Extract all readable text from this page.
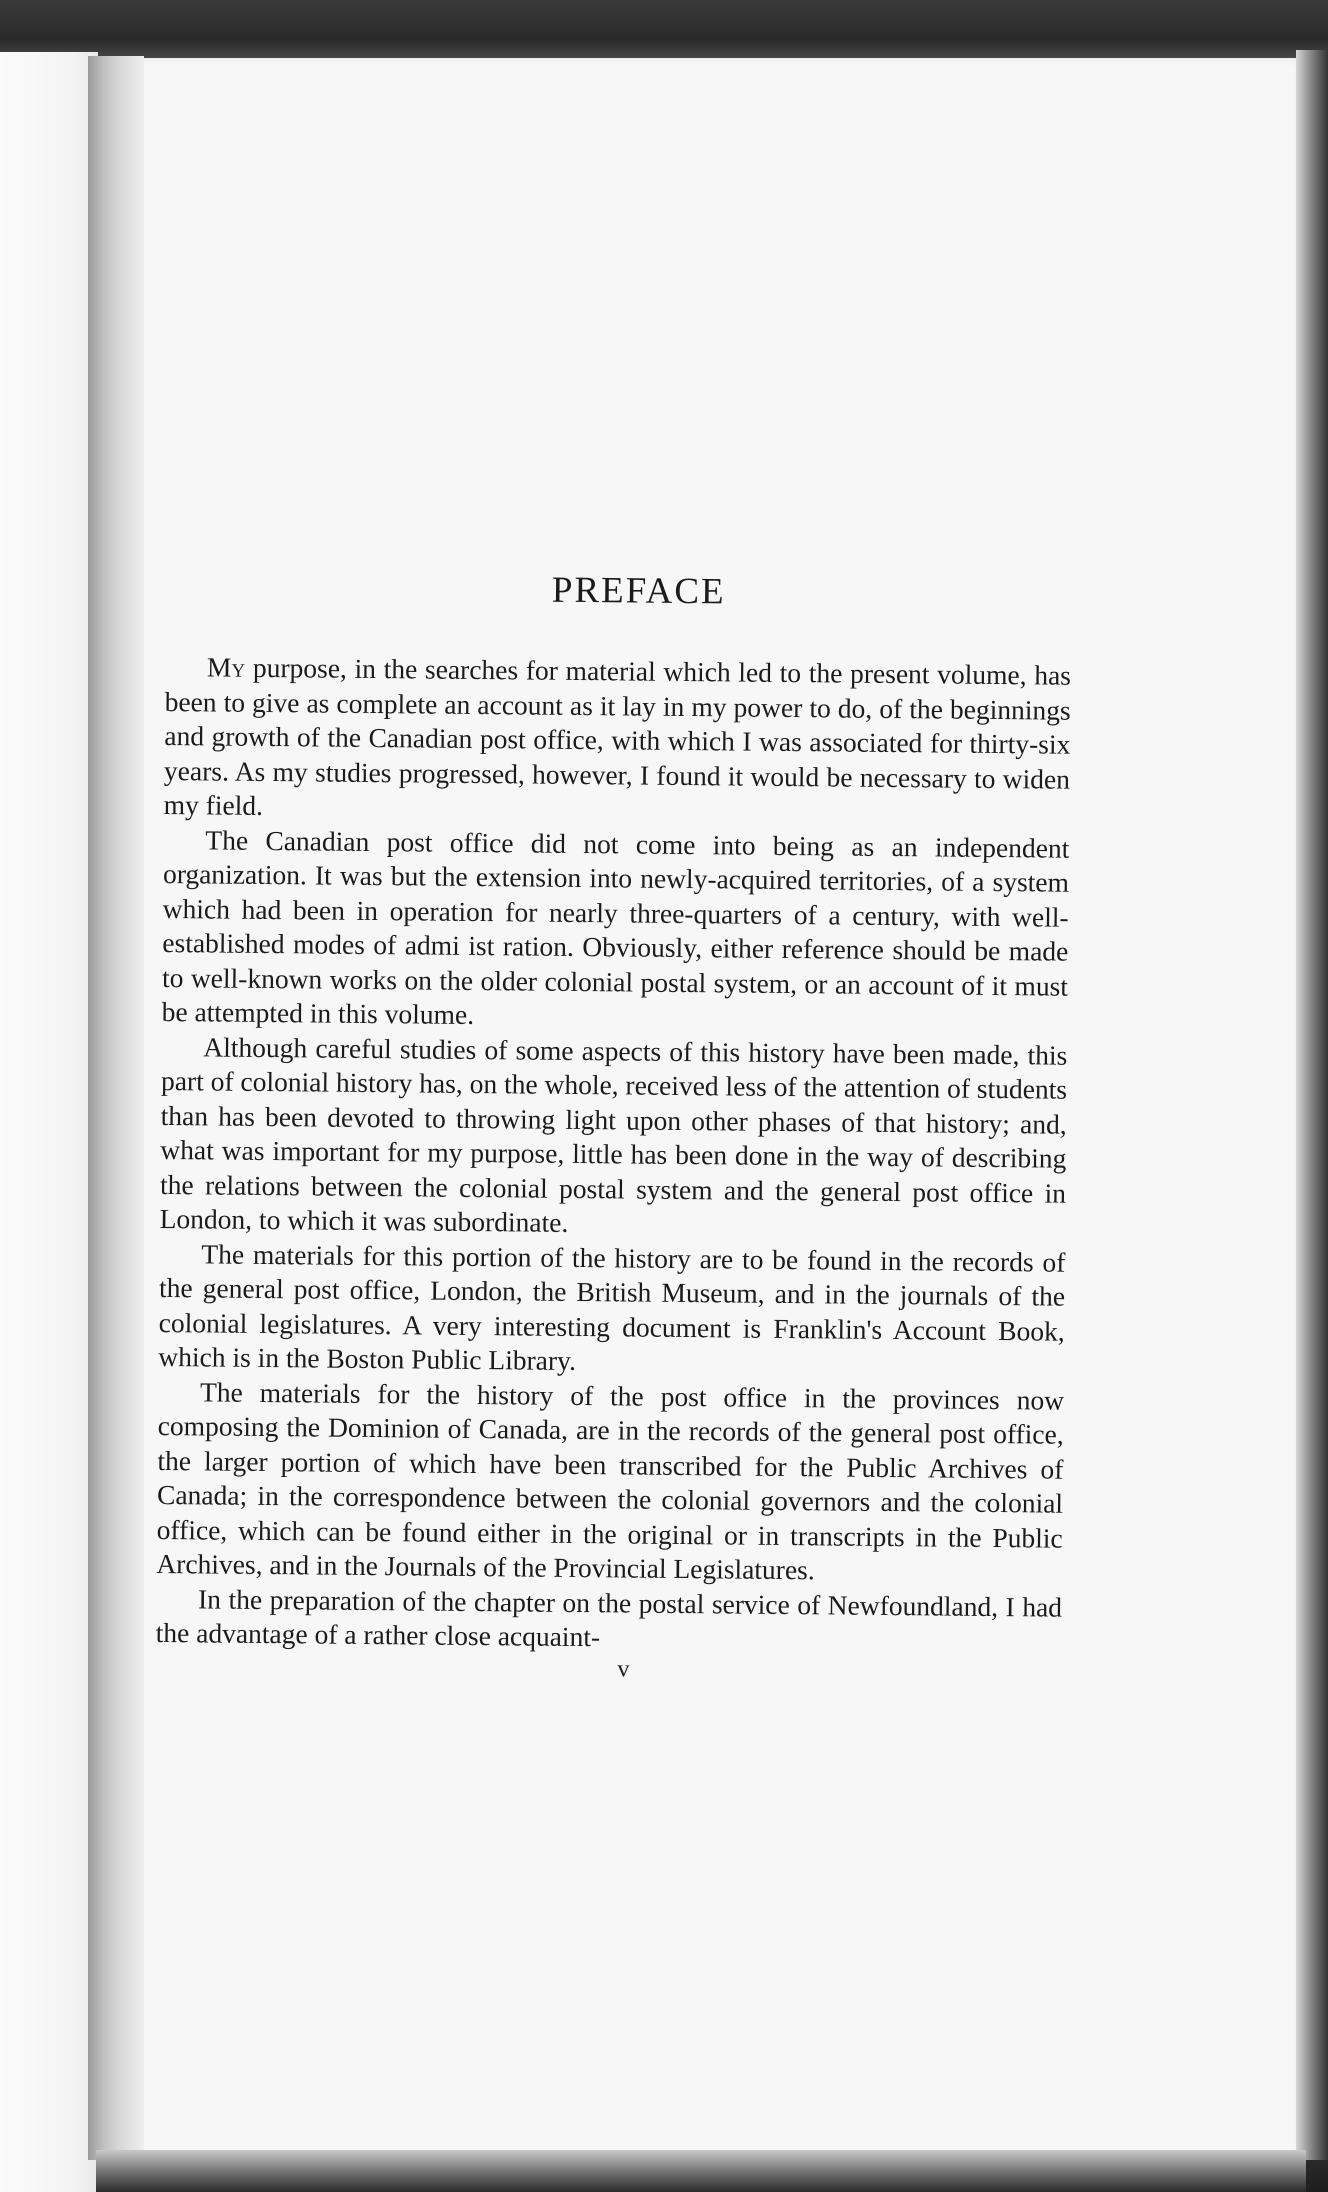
PREFACE

My purpose, in the searches for material which led to the present volume, has been to give as complete an account as it lay in my power to do, of the beginnings and growth of the Canadian post office, with which I was associated for thirty-six years. As my studies progressed, however, I found it would be necessary to widen my field.

The Canadian post office did not come into being as an independent organization. It was but the extension into newly-acquired territories, of a system which had been in operation for nearly three-quarters of a century, with well-established modes of admi ist ration. Obviously, either reference should be made to well-known works on the older colonial postal system, or an account of it must be attempted in this volume.

Although careful studies of some aspects of this history have been made, this part of colonial history has, on the whole, received less of the attention of students than has been devoted to throwing light upon other phases of that history; and, what was important for my purpose, little has been done in the way of describing the relations between the colonial postal system and the general post office in London, to which it was subordinate.

The materials for this portion of the history are to be found in the records of the general post office, London, the British Museum, and in the journals of the colonial legislatures. A very interesting document is Franklin's Account Book, which is in the Boston Public Library.

The materials for the history of the post office in the provinces now composing the Dominion of Canada, are in the records of the general post office, the larger portion of which have been transcribed for the Public Archives of Canada; in the correspondence between the colonial governors and the colonial office, which can be found either in the original or in transcripts in the Public Archives, and in the Journals of the Provincial Legislatures.

In the preparation of the chapter on the postal service of Newfoundland, I had the advantage of a rather close acquaint-

v
